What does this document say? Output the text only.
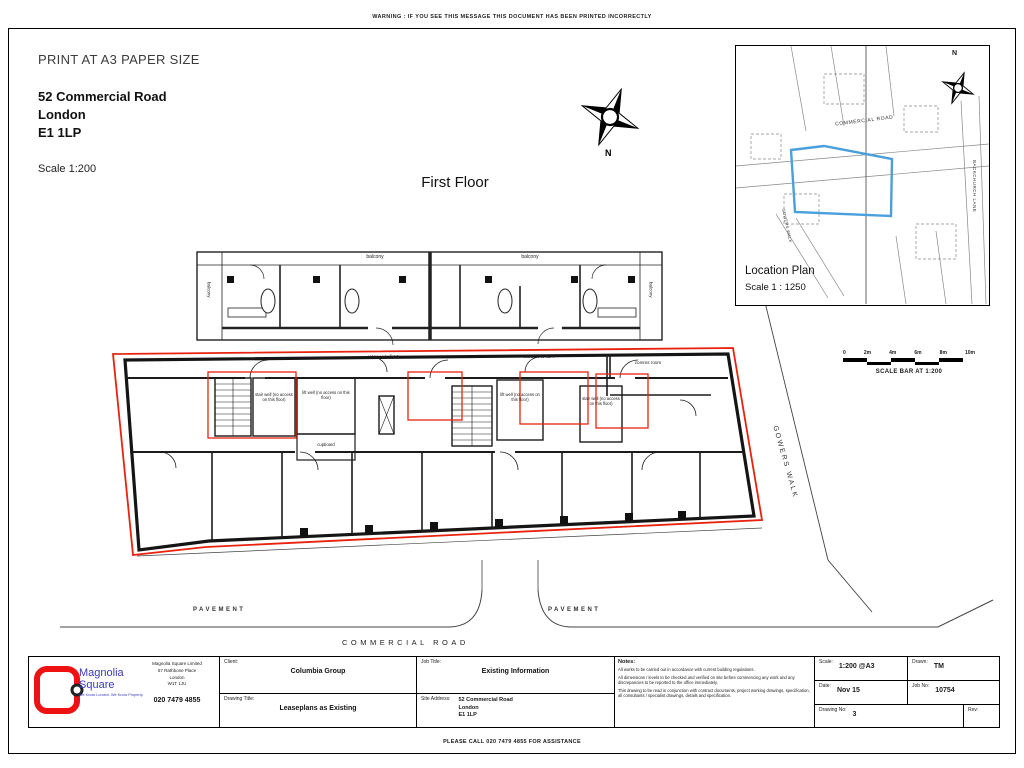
WARNING : IF YOU SEE THIS MESSAGE THIS DOCUMENT HAS BEEN PRINTED INCORRECTLY
PRINT AT A3 PAPER SIZE
52 Commercial Road
London
E1 1LP
Scale 1:200
First Floor
N
balcony	balcony
balcony	balcony
entrance to flat 3	entrance to flat 4
comms room
stair well (no access on this floor)
lift well (no access on this floor)
cupboard
lift well (no access on this floor)	stair well (no access on this floor)
PAVEMENT	PAVEMENT
COMMERCIAL ROAD
GOWERS WALK
N
COMMERCIAL ROAD
BACKCHURCH LANE
GOWERS WALK
Location Plan
Scale 1 : 1250
0	2m	4m	6m	8m	10m
SCALE BAR AT 1:200
Magnolia
Square
We Know London. We Know Property.
Magnolia Square Limited
57 Rathbone Place
London
W1T 1JU
020 7479 4855
Client:
Columbia Group
Drawing Title:
Leaseplans as Existing
Job Title:
Existing Information
Site Address: 52 Commercial Road
London
E1 1LP
Notes:
All works to be carried out in accordance with current building regulations.
All dimensions / levels to be checked and verified on site before commencing any work and any discrepancies to be reported to the office immediately.
This drawing to be read in conjunction with contract documents, project working drawings, specification, all consultants / specialist drawings, details and specification.
Scale:
1:200 @A3
Drawn:
TM
Date:
Nov 15
Job No:
10754
Drawing No:
3
Rev:
PLEASE CALL 020 7479 4855 FOR ASSISTANCE
